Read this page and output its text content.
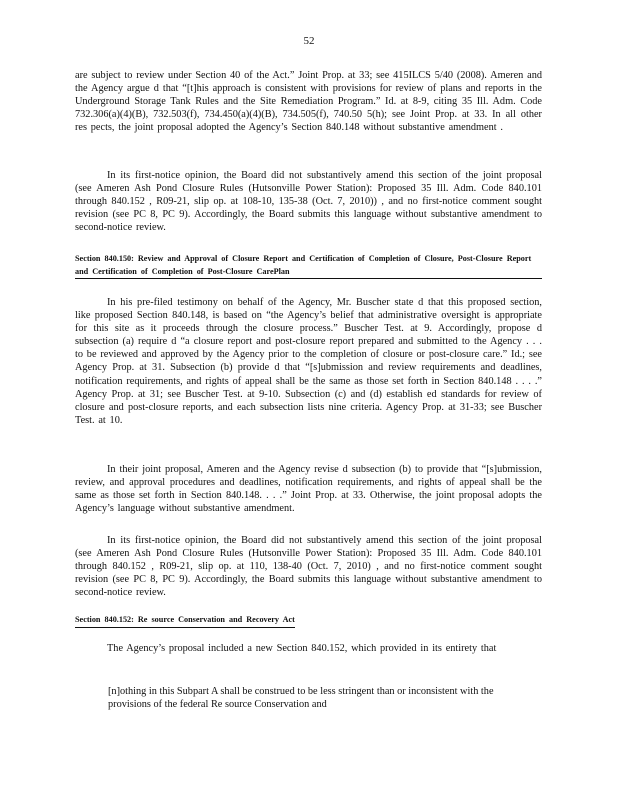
52

are subject to review under Section 40 of the Act.” Joint Prop. at 33; see 415ILCS 5/40 (2008). Ameren and the Agency argue d that “[t]his approach is consistent with provisions for review of plans and reports in the Underground Storage Tank Rules and the Site Remediation Program.” Id. at 8-9, citing 35 Ill. Adm. Code 732.306(a)(4)(B), 732.503(f), 734.450(a)(4)(B), 734.505(f), 740.50 5(h); see Joint Prop. at 33. In all other res pects, the joint proposal adopted the Agency’s Section 840.148 without substantive amendment .

In its first-notice opinion, the Board did not substantively amend this section of the joint proposal (see Ameren Ash Pond Closure Rules (Hutsonville Power Station): Proposed 35 Ill. Adm. Code 840.101 through 840.152 , R09-21, slip op. at 108-10, 135-38 (Oct. 7, 2010)) , and no first-notice comment sought revision (see PC 8, PC 9). Accordingly, the Board submits this language without substantive amendment to second-notice review.

Section 840.150: Review and Approval of Closure Report and Certification of Completion of Closure, Post-Closure Report and Certification of Completion of Post-Closure CarePlan

In his pre-filed testimony on behalf of the Agency, Mr. Buscher state d that this proposed section, like proposed Section 840.148, is based on “the Agency’s belief that administrative oversight is appropriate for this site as it proceeds through the closure process.” Buscher Test. at 9. Accordingly, propose d subsection (a) require d “a closure report and post-closure report prepared and submitted to the Agency . . . to be reviewed and approved by the Agency prior to the completion of closure or post-closure care.” Id.; see Agency Prop. at 31. Subsection (b) provide d that “[s]ubmission and review requirements and deadlines, notification requirements, and rights of appeal shall be the same as those set forth in Section 840.148 . . . .” Agency Prop. at 31; see Buscher Test. at 9-10. Subsection (c) and (d) establish ed standards for review of closure and post-closure reports, and each subsection lists nine criteria. Agency Prop. at 31-33; see Buscher Test. at 10.

In their joint proposal, Ameren and the Agency revise d subsection (b) to provide that “[s]ubmission, review, and approval procedures and deadlines, notification requirements, and rights of appeal shall be the same as those set forth in Section 840.148. . . .” Joint Prop. at 33. Otherwise, the joint proposal adopts the Agency’s language without substantive amendment.

In its first-notice opinion, the Board did not substantively amend this section of the joint proposal (see Ameren Ash Pond Closure Rules (Hutsonville Power Station): Proposed 35 Ill. Adm. Code 840.101 through 840.152 , R09-21, slip op. at 110, 138-40 (Oct. 7, 2010) , and no first-notice comment sought revision (see PC 8, PC 9). Accordingly, the Board submits this language without substantive amendment to second-notice review.

Section 840.152: Re source Conservation and Recovery Act

The Agency’s proposal included a new Section 840.152, which provided in its entirety that

[n]othing in this Subpart A shall be construed to be less stringent than or inconsistent with the provisions of the federal Re source Conservation and
